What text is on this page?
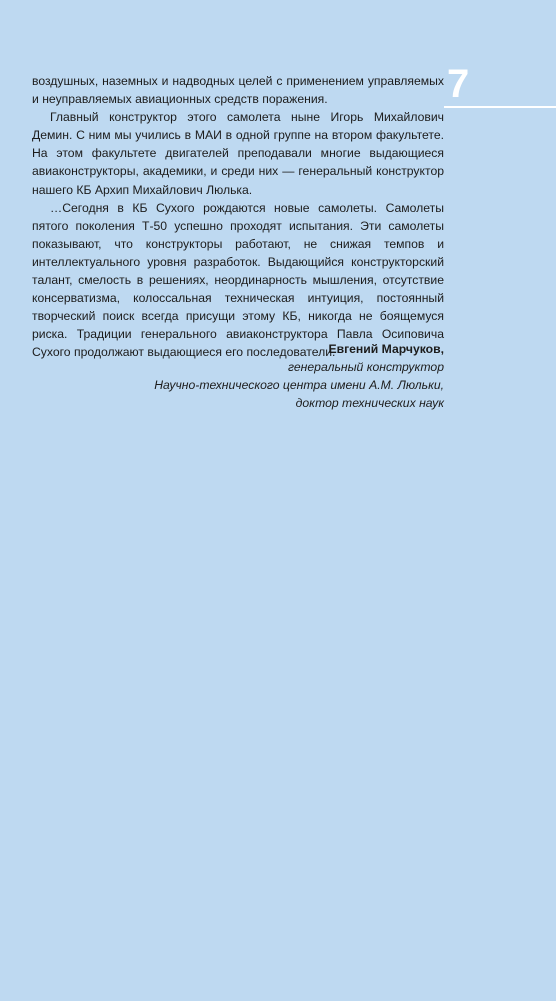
7

воздушных, наземных и надводных целей с применением управляемых и неуправляемых авиационных средств поражения.

Главный конструктор этого самолета ныне Игорь Михайлович Демин. С ним мы учились в МАИ в одной группе на втором факультете. На этом факультете двигателей преподавали многие выдающиеся авиаконструкторы, академики, и среди них — генеральный конструктор нашего КБ Архип Михайлович Люлька.

…Сегодня в КБ Сухого рождаются новые самолеты. Самолеты пятого поколения Т-50 успешно проходят испытания. Эти самолеты показывают, что конструкторы работают, не снижая темпов и интеллектуального уровня разработок. Выдающийся конструкторский талант, смелость в решениях, неординарность мышления, отсутствие консерватизма, колоссальная техническая интуиция, постоянный творческий поиск всегда присущи этому КБ, никогда не боящемуся риска. Традиции генерального авиаконструктора Павла Осиповича Сухого продолжают выдающиеся его последователи.

Евгений Марчуков,
генеральный конструктор
Научно-технического центра имени А.М. Люльки,
доктор технических наук
